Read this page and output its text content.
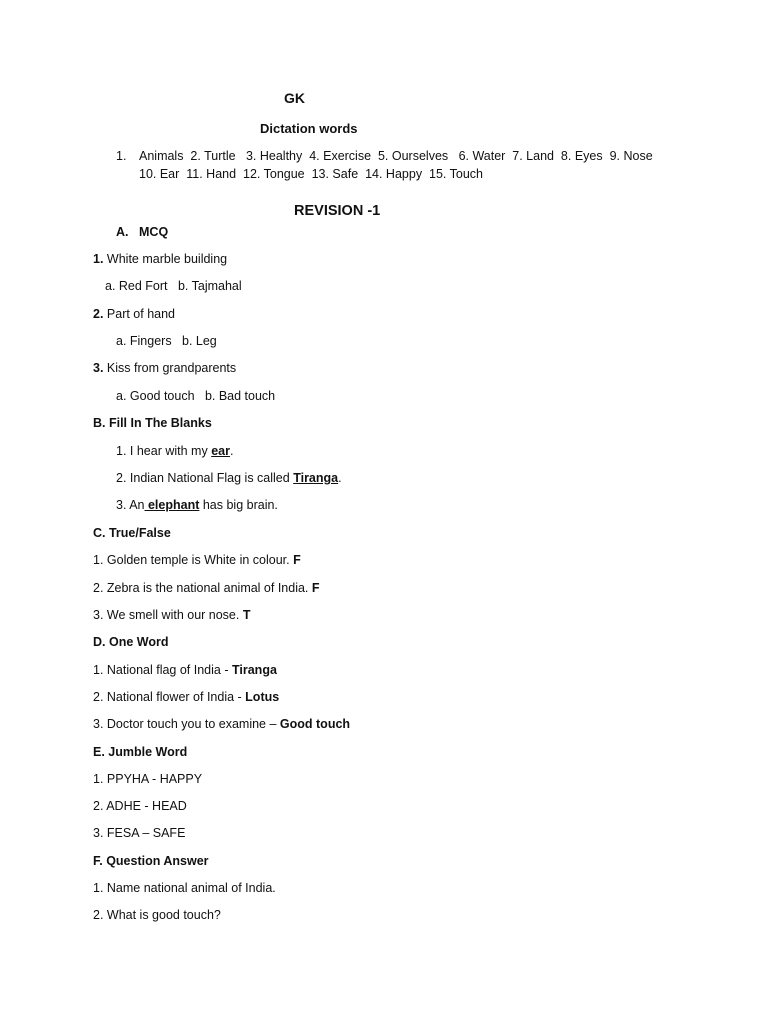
GK
Dictation words
1. Animals  2. Turtle   3. Healthy  4. Exercise  5. Ourselves   6. Water  7. Land  8. Eyes  9. Nose
10. Ear  11. Hand  12. Tongue  13. Safe  14. Happy  15. Touch
REVISION -1
A. MCQ
1. White marble building
a. Red Fort   b. Tajmahal
2. Part of hand
a. Fingers   b. Leg
3. Kiss from grandparents
a. Good touch   b. Bad touch
B. Fill In The Blanks
1. I hear with my ear.
2. Indian National Flag is called Tiranga.
3. An elephant has big brain.
C. True/False
1. Golden temple is White in colour. F
2. Zebra is the national animal of India. F
3. We smell with our nose. T
D. One Word
1. National flag of India - Tiranga
2. National flower of India - Lotus
3. Doctor touch you to examine – Good touch
E. Jumble Word
1. PPYHA - HAPPY
2. ADHE - HEAD
3. FESA – SAFE
F. Question Answer
1. Name national animal of India.
2. What is good touch?
